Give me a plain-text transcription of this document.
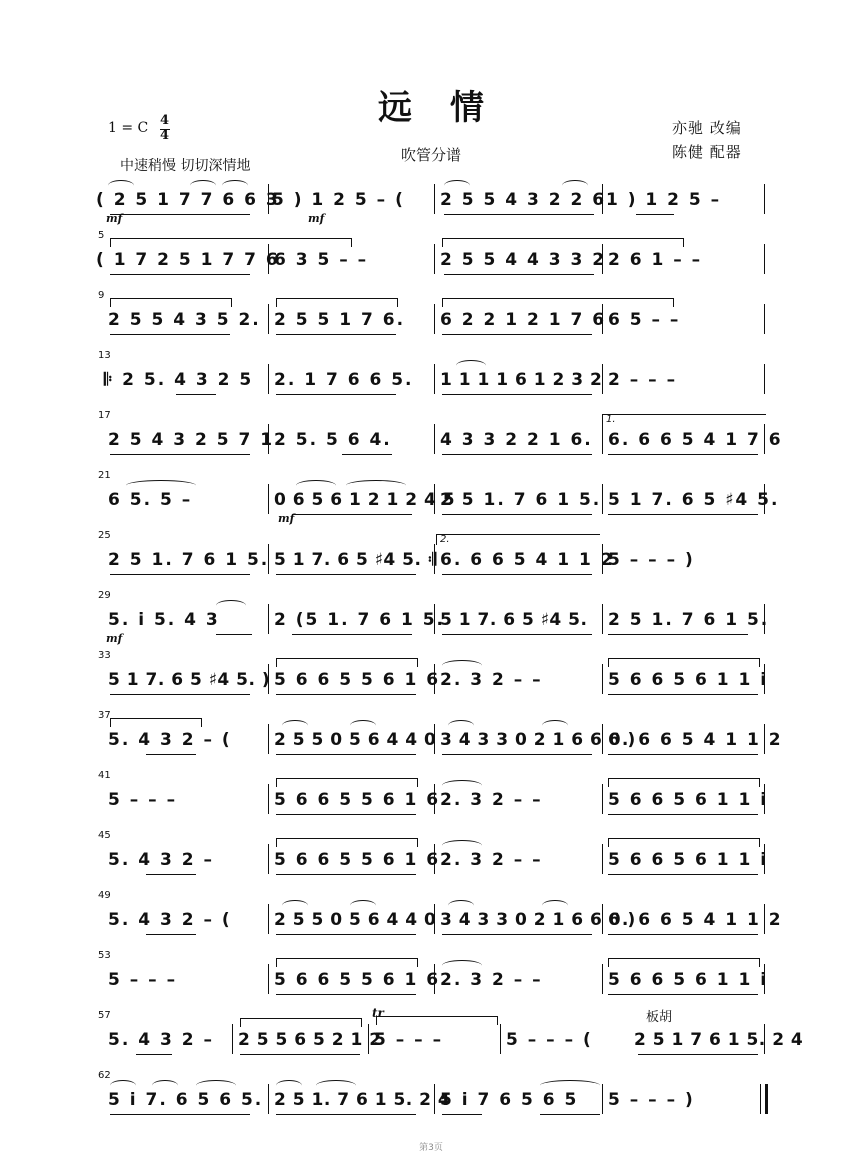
远情
1 = C 4
4
中速稍慢 切切深情地
吹管分谱
亦驰 改编
陈健 配器
( 2 5 1 7 7 6 6 3
5 ) 1 2 5 – ( 2 5 5 4 3 2 2 6 1 ) 1 2 5 –
mf	mf
5
( 1 7 2 5 1 7 7 6
6 3 5 – –	2 5 5 4 4 3 3 2 2 6 1 – –
9
2 5 5 4 3 5 2. 2 5 5 1 7 6. 6 2 2 1 2 1 7 6 6 5 – –
13
𝄆 2 5. 4 3 2 5 2. 1 7 6 6 5. 1 1 1 1 6 1 2 3 2 2 – – –
17
2 5 4 3 2 5 7 1 2 5. 5 6 4.	4 3 3 2 2 1 6. 6. 6 6 5 4 1 7 6
1.
21
6 5. 5 –	0 6 5 6 1 2 1 2 4 5
2 5 1. 7 6 1 5. 5 1 7. 6 5 ♯4 5.
mf
25
2 5 1. 7 6 1 5. 5 1 7. 6 5 ♯4 5. 𝄇 6. 6 6 5 4 1 1 2
5 – – – )
2.
29
5. i 5. 4 3	2 (5 1. 7 6 1 5.
5 1 7. 6 5 ♯4 5. 2 5 1. 7 6 1 5.
mf
33
5 1 7. 6 5 ♯4 5. ) 5 6 6 5 5 6 1 6 2. 3 2 – –	5 6 6 5 6 1 1 i
37
5. 4 3 2 – ( 2 5 5 0 5 6 4 4 0 3 4 3 3 0 2 1 6 6 0 )
6. 6 6 5 4 1 1 2
41
5 – – –	5 6 6 5 5 6 1 6 2. 3 2 – –	5 6 6 5 6 1 1 i
45
5. 4 3 2 –	5 6 6 5 5 6 1 6 2. 3 2 – –	5 6 6 5 6 1 1 i
49
5. 4 3 2 – ( 2 5 5 0 5 6 4 4 0 3 4 3 3 0 2 1 6 6 0 )
6. 6 6 5 4 1 1 2
53
5 – – –	5 6 6 5 5 6 1 6 2. 3 2 – –	5 6 6 5 6 1 1 i
57
5. 4 3 2 – 2 5 5 6 5 2 1 2
5 – – –	5 – – – ( 2 5 1 7 6 1 5. 2 4
tr	板胡
62
5 i 7. 6 5 6 5. 2 5 1. 7 6 1 5. 2 4
5 i 7 6 5 6 5 5 – – – )
第3页
